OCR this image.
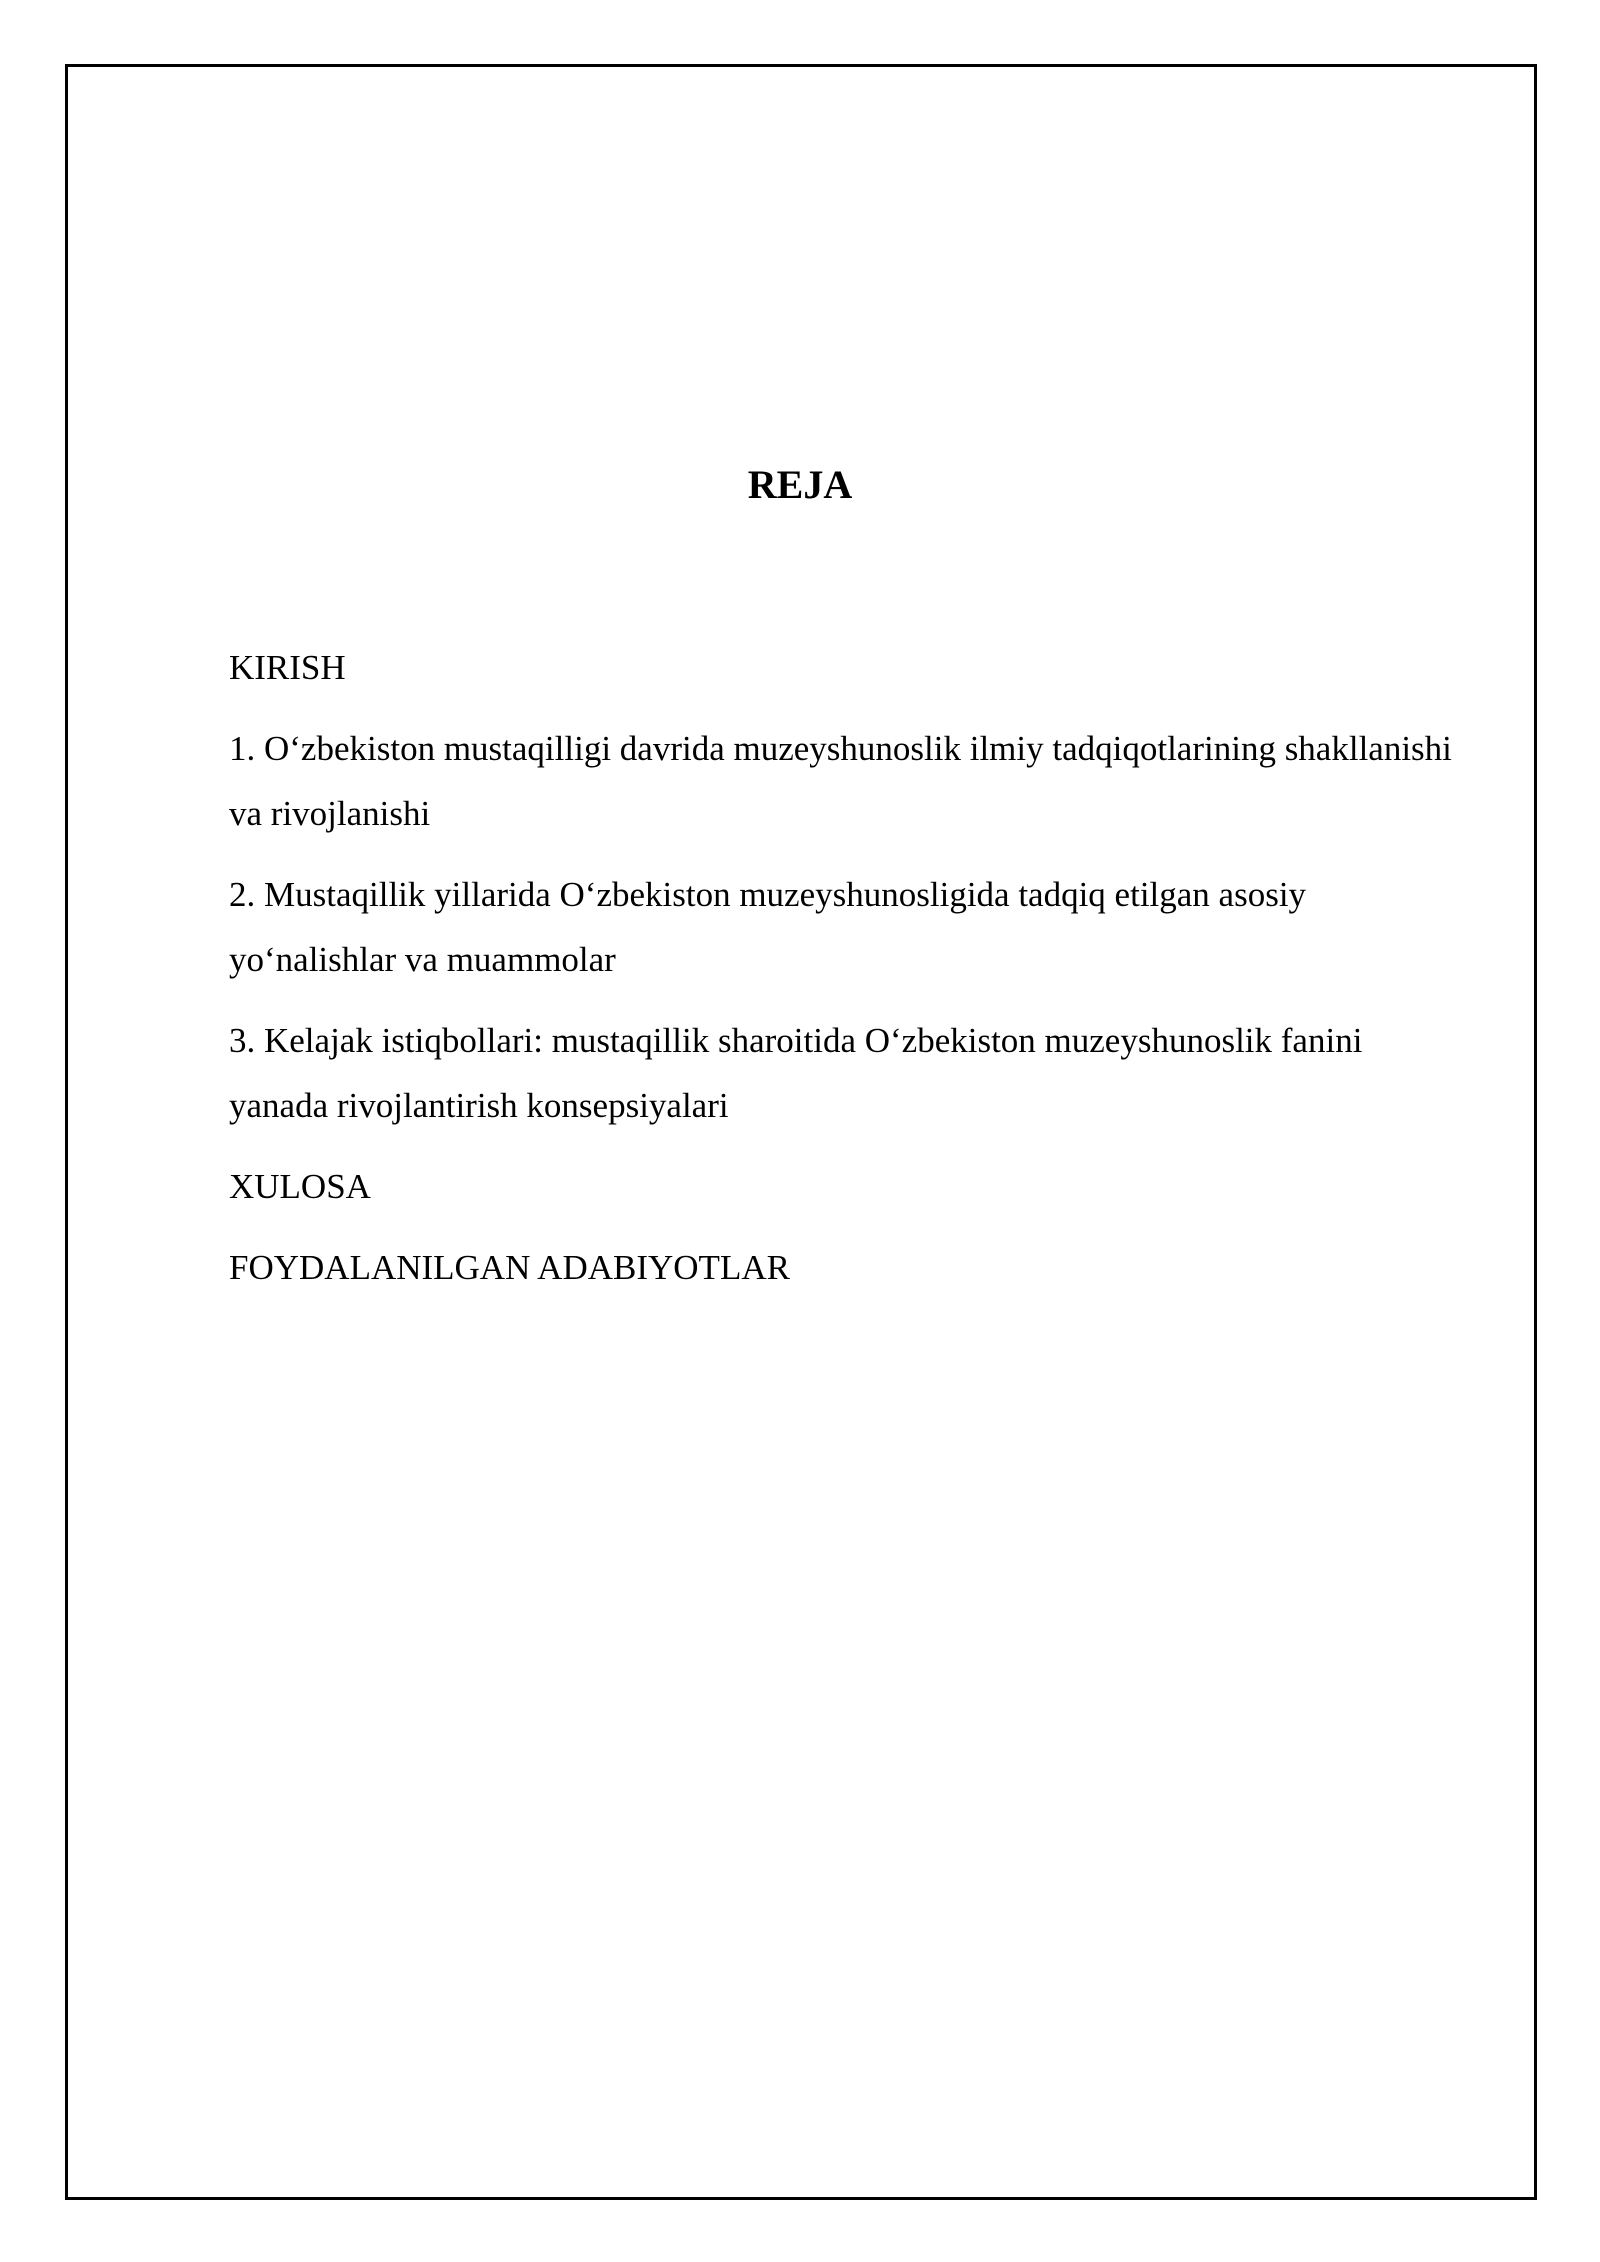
REJA
KIRISH
1. O‘zbekiston mustaqilligi davrida muzeyshunoslik ilmiy tadqiqotlarining shakllanishi va rivojlanishi
2. Mustaqillik yillarida O‘zbekiston muzeyshunosligida tadqiq etilgan asosiy yo‘nalishlar va muammolar
3. Kelajak istiqbollari: mustaqillik sharoitida O‘zbekiston muzeyshunoslik fanini yanada rivojlantirish konsepsiyalari
XULOSA
FOYDALANILGAN ADABIYOTLAR
